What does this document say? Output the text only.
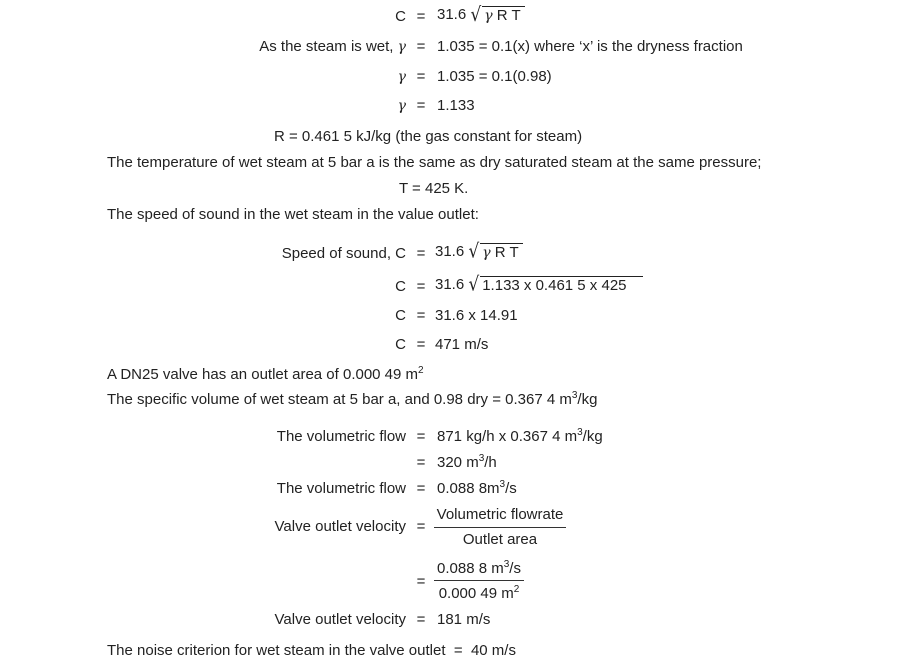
C = 31.6 √ γ R T
As the steam is wet, γ = 1.035 = 0.1(x) where ‘x’ is the dryness fraction
γ = 1.035 = 0.1(0.98)
γ = 1.133
R = 0.461 5 kJ/kg (the gas constant for steam)
The temperature of wet steam at 5 bar a is the same as dry saturated steam at the same pressure;
T = 425 K.
The speed of sound in the wet steam in the value outlet:
Speed of sound, C = 31.6 √ γ R T
C = 31.6 √ 1.133 x 0.461 5 x 425
C = 31.6 x 14.91
C = 471 m/s
A DN25 valve has an outlet area of 0.000 49 $m^2$
The specific volume of wet steam at 5 bar a, and 0.98 dry = 0.367 4 $m^3/kg$
The volumetric flow = 871 kg/h x 0.367 4 $m^3/kg$
= 320 $m^3/h$
The volumetric flow = 0.088 $8m^3/s$
Valve outlet velocity =
Volumetric flowrate
Outlet area
=
0.088 8 $m^3/s$
0.000 49 $m^2$
Valve outlet velocity = 181 m/s
The noise criterion for wet steam in the valve outlet = 40 m/s
